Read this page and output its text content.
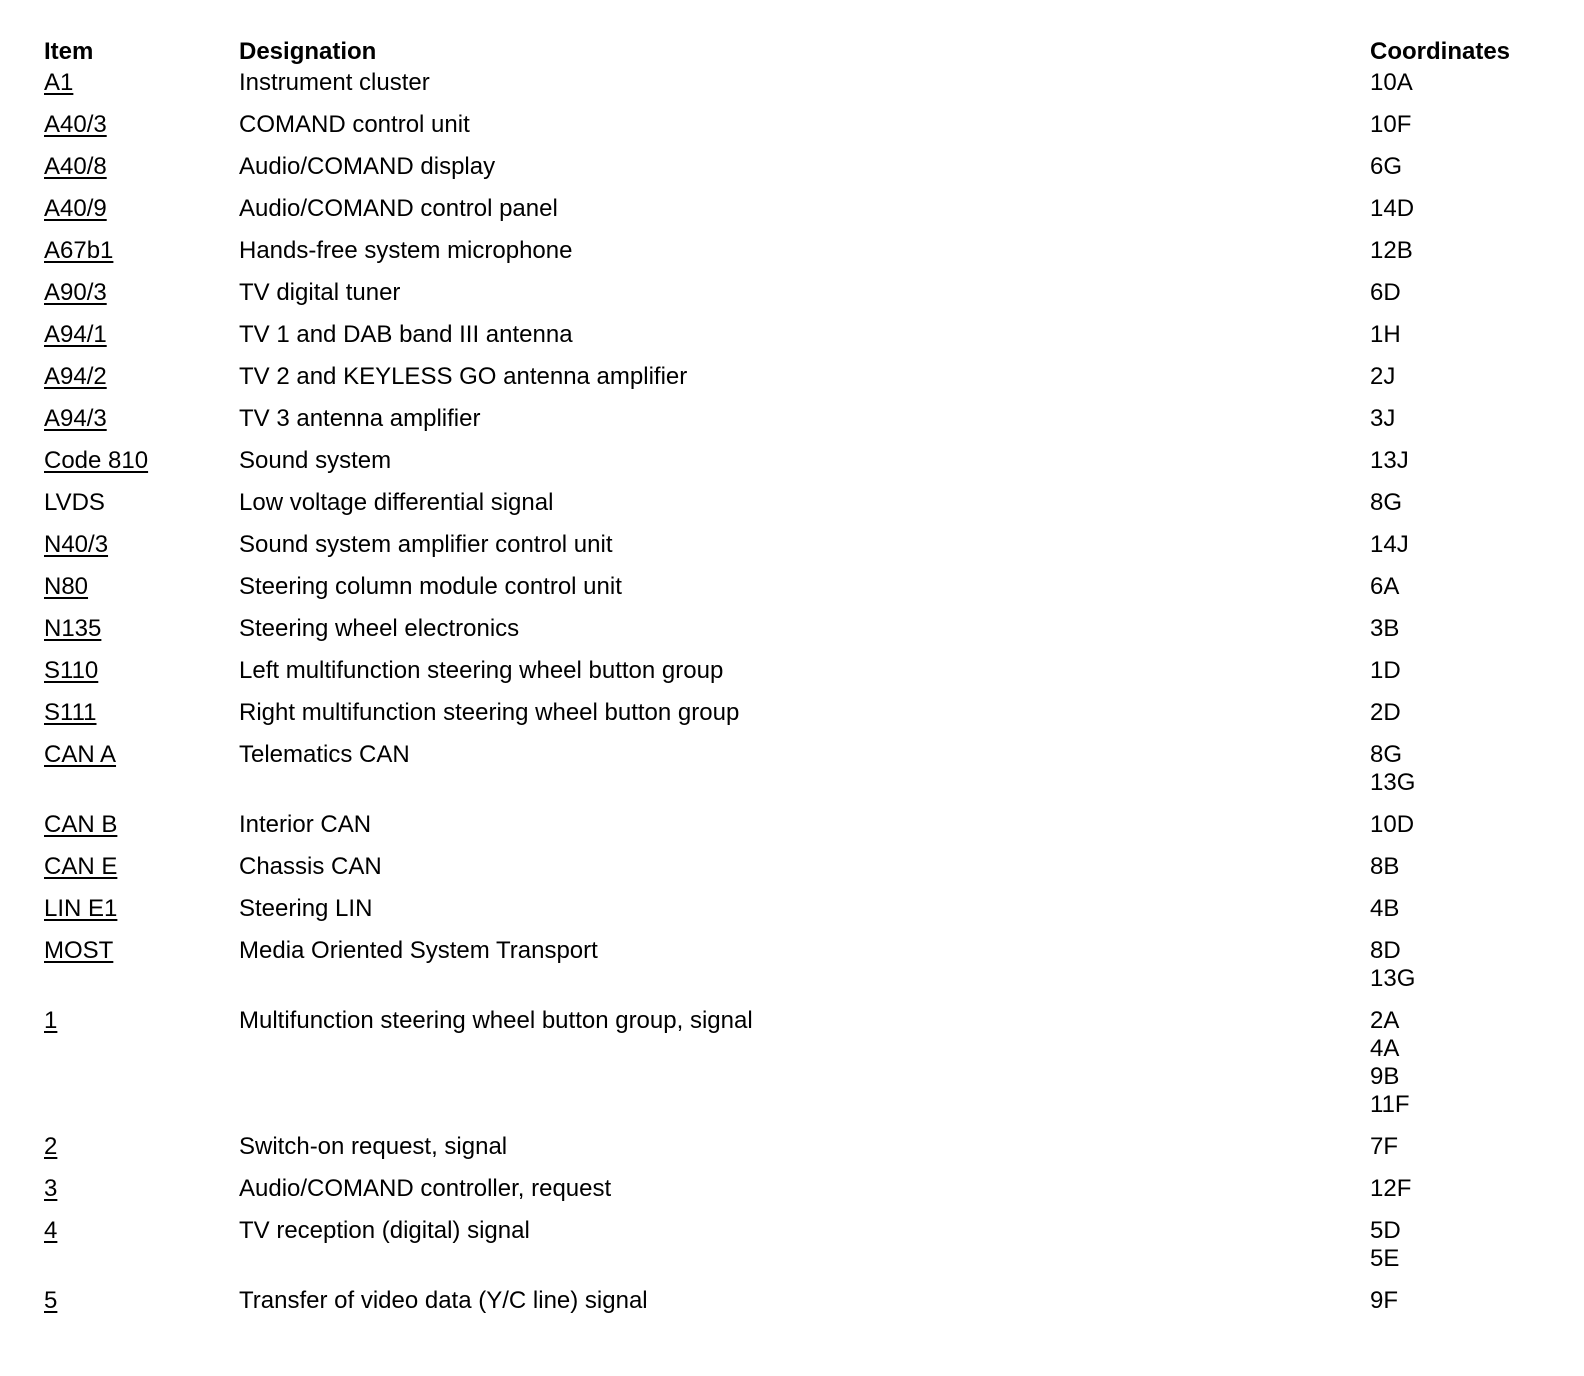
Item	Designation	Coordinates
A1	Instrument cluster	10A
A40/3	COMAND control unit	10F
A40/8	Audio/COMAND display	6G
A40/9	Audio/COMAND control panel	14D
A67b1	Hands-free system microphone	12B
A90/3	TV digital tuner	6D
A94/1	TV 1 and DAB band III antenna	1H
A94/2	TV 2 and KEYLESS GO antenna amplifier	2J
A94/3	TV 3 antenna amplifier	3J
Code 810	Sound system	13J
LVDS	Low voltage differential signal	8G
N40/3	Sound system amplifier control unit	14J
N80	Steering column module control unit	6A
N135	Steering wheel electronics	3B
S110	Left multifunction steering wheel button group	1D
S111	Right multifunction steering wheel button group	2D
CAN A	Telematics CAN	8G
13G
CAN B	Interior CAN	10D
CAN E	Chassis CAN	8B
LIN E1	Steering LIN	4B
MOST	Media Oriented System Transport	8D
13G
1	Multifunction steering wheel button group, signal	2A
4A
9B
11F
2	Switch-on request, signal	7F
3	Audio/COMAND controller, request	12F
4	TV reception (digital) signal	5D
5E
5	Transfer of video data (Y/C line) signal	9F
